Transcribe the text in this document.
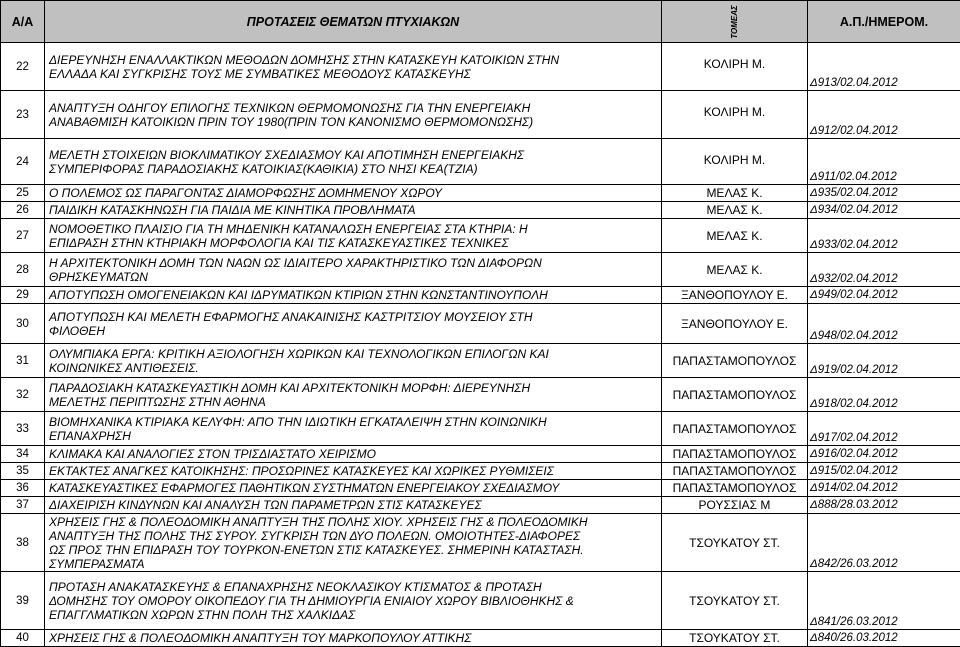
Α/Α	ΠΡΟΤΑΣΕΙΣ ΘΕΜΑΤΩΝ ΠΤΥΧΙΑΚΩΝ	ΤΟΜΕΑΣ	Α.Π./ΗΜΕΡΟΜ.
22	ΔΙΕΡΕΥΝΗΣΗ ΕΝΑΛΛΑΚΤΙΚΩΝ ΜΕΘΟΔΩΝ ΔΟΜΗΣΗΣ ΣΤΗΝ ΚΑΤΑΣΚΕΥΗ ΚΑΤΟΙΚΙΩΝ ΣΤΗΝ
ΕΛΛΑΔΑ ΚΑΙ ΣΥΓΚΡΙΣΗΣ ΤΟΥΣ ΜΕ ΣΥΜΒΑΤΙΚΕΣ ΜΕΘΟΔΟΥΣ ΚΑΤΑΣΚΕΥΗΣ	ΚΟΛΙΡΗ Μ.	Δ913/02.04.2012
23	ΑΝΑΠΤΥΞΗ ΟΔΗΓΟΥ ΕΠΙΛΟΓΗΣ ΤΕΧΝΙΚΩΝ ΘΕΡΜΟΜΟΝΩΣΗΣ ΓΙΑ ΤΗΝ ΕΝΕΡΓΕΙΑΚΗ
ΑΝΑΒΑΘΜΙΣΗ ΚΑΤΟΙΚΙΩΝ ΠΡΙΝ ΤΟΥ 1980(ΠΡΙΝ ΤΟΝ ΚΑΝΟΝΙΣΜΟ ΘΕΡΜΟΜΟΝΩΣΗΣ)	ΚΟΛΙΡΗ Μ.	Δ912/02.04.2012
24	ΜΕΛΕΤΗ ΣΤΟΙΧΕΙΩΝ ΒΙΟΚΛΙΜΑΤΙΚΟΥ ΣΧΕΔΙΑΣΜΟΥ ΚΑΙ ΑΠΟΤΙΜΗΣΗ ΕΝΕΡΓΕΙΑΚΗΣ
ΣΥΜΠΕΡΙΦΟΡΑΣ ΠΑΡΑΔΟΣΙΑΚΗΣ ΚΑΤΟΙΚΙΑΣ(ΚΑΘΙΚΙΑ) ΣΤΟ ΝΗΣΙ ΚΕΑ(ΤΖΙΑ)	ΚΟΛΙΡΗ Μ.	Δ911/02.04.2012
25	Ο ΠΟΛΕΜΟΣ ΩΣ ΠΑΡΑΓΟΝΤΑΣ ΔΙΑΜΟΡΦΩΣΗΣ ΔΟΜΗΜΕΝΟΥ ΧΩΡΟΥ	ΜΕΛΑΣ Κ.	Δ935/02.04.2012
26	ΠΑΙΔΙΚΗ ΚΑΤΑΣΚΗΝΩΣΗ ΓΙΑ ΠΑΙΔΙΑ ΜΕ ΚΙΝΗΤΙΚΑ ΠΡΟΒΛΗΜΑΤΑ	ΜΕΛΑΣ Κ.	Δ934/02.04.2012
27	ΝΟΜΟΘΕΤΙΚΟ ΠΛΑΙΣΙΟ ΓΙΑ ΤΗ ΜΗΔΕΝΙΚΗ ΚΑΤΑΝΑΛΩΣΗ ΕΝΕΡΓΕΙΑΣ ΣΤΑ ΚΤΗΡΙΑ: Η
ΕΠΙΔΡΑΣΗ ΣΤΗΝ ΚΤΗΡΙΑΚΗ ΜΟΡΦΟΛΟΓΙΑ ΚΑΙ ΤΙΣ ΚΑΤΑΣΚΕΥΑΣΤΙΚΕΣ ΤΕΧΝΙΚΕΣ	ΜΕΛΑΣ Κ.	Δ933/02.04.2012
28	Η ΑΡΧΙΤΕΚΤΟΝΙΚΗ ΔΟΜΗ ΤΩΝ ΝΑΩΝ ΩΣ ΙΔΙΑΙΤΕΡΟ ΧΑΡΑΚΤΗΡΙΣΤΙΚΟ ΤΩΝ ΔΙΑΦΟΡΩΝ
ΘΡΗΣΚΕΥΜΑΤΩΝ	ΜΕΛΑΣ Κ.	Δ932/02.04.2012
29	ΑΠΟΤΥΠΩΣΗ ΟΜΟΓΕΝΕΙΑΚΩΝ ΚΑΙ ΙΔΡΥΜΑΤΙΚΩΝ ΚΤΙΡΙΩΝ ΣΤΗΝ ΚΩΝΣΤΑΝΤΙΝΟΥΠΟΛΗ	ΞΑΝΘΟΠΟΥΛΟΥ Ε.	Δ949/02.04.2012
30	ΑΠΟΤΥΠΩΣΗ ΚΑΙ ΜΕΛΕΤΗ ΕΦΑΡΜΟΓΗΣ ΑΝΑΚΑΙΝΙΣΗΣ ΚΑΣΤΡΙΤΣΙΟΥ ΜΟΥΣΕΙΟΥ ΣΤΗ
ΦΙΛΟΘΕΗ	ΞΑΝΘΟΠΟΥΛΟΥ Ε.	Δ948/02.04.2012
31	ΟΛΥΜΠΙΑΚΑ ΕΡΓΑ: ΚΡΙΤΙΚΗ ΑΞΙΟΛΟΓΗΣΗ ΧΩΡΙΚΩΝ ΚΑΙ ΤΕΧΝΟΛΟΓΙΚΩΝ ΕΠΙΛΟΓΩΝ ΚΑΙ
ΚΟΙΝΩΝΙΚΕΣ ΑΝΤΙΘΕΣΕΙΣ.	ΠΑΠΑΣΤΑΜΟΠΟΥΛΟΣ	Δ919/02.04.2012
32	ΠΑΡΑΔΟΣΙΑΚΗ ΚΑΤΑΣΚΕΥΑΣΤΙΚΗ ΔΟΜΗ ΚΑΙ ΑΡΧΙΤΕΚΤΟΝΙΚΗ ΜΟΡΦΗ: ΔΙΕΡΕΥΝΗΣΗ
ΜΕΛΕΤΗΣ ΠΕΡΙΠΤΩΣΗΣ ΣΤΗΝ ΑΘΗΝΑ	ΠΑΠΑΣΤΑΜΟΠΟΥΛΟΣ	Δ918/02.04.2012
33	ΒΙΟΜΗΧΑΝΙΚΑ ΚΤΙΡΙΑΚΑ ΚΕΛΥΦΗ: ΑΠΟ ΤΗΝ ΙΔΙΩΤΙΚΗ ΕΓΚΑΤΑΛΕΙΨΗ ΣΤΗΝ ΚΟΙΝΩΝΙΚΗ
ΕΠΑΝΑΧΡΗΣΗ	ΠΑΠΑΣΤΑΜΟΠΟΥΛΟΣ	Δ917/02.04.2012
34	ΚΛΙΜΑΚΑ ΚΑΙ ΑΝΑΛΟΓΙΕΣ ΣΤΟΝ ΤΡΙΣΔΙΑΣΤΑΤΟ ΧΕΙΡΙΣΜΟ	ΠΑΠΑΣΤΑΜΟΠΟΥΛΟΣ	Δ916/02.04.2012
35	ΕΚΤΑΚΤΕΣ ΑΝΑΓΚΕΣ ΚΑΤΟΙΚΗΣΗΣ: ΠΡΟΣΩΡΙΝΕΣ ΚΑΤΑΣΚΕΥΕΣ ΚΑΙ ΧΩΡΙΚΕΣ ΡΥΘΜΙΣΕΙΣ	ΠΑΠΑΣΤΑΜΟΠΟΥΛΟΣ	Δ915/02.04.2012
36	ΚΑΤΑΣΚΕΥΑΣΤΙΚΕΣ ΕΦΑΡΜΟΓΕΣ ΠΑΘΗΤΙΚΩΝ ΣΥΣΤΗΜΑΤΩΝ ΕΝΕΡΓΕΙΑΚΟΥ ΣΧΕΔΙΑΣΜΟΥ	ΠΑΠΑΣΤΑΜΟΠΟΥΛΟΣ	Δ914/02.04.2012
37	ΔΙΑΧΕΙΡΙΣΗ ΚΙΝΔΥΝΩΝ ΚΑΙ ΑΝΑΛΥΣΗ ΤΩΝ ΠΑΡΑΜΕΤΡΩΝ ΣΤΙΣ ΚΑΤΑΣΚΕΥΕΣ	ΡΟΥΣΣΙΑΣ Μ	Δ888/28.03.2012
38	ΧΡΗΣΕΙΣ ΓΗΣ & ΠΟΛΕΟΔΟΜΙΚΗ ΑΝΑΠΤΥΞΗ ΤΗΣ ΠΟΛΗΣ ΧΙΟΥ. ΧΡΗΣΕΙΣ ΓΗΣ & ΠΟΛΕΟΔΟΜΙΚΗ
ΑΝΑΠΤΥΞΗ ΤΗΣ ΠΟΛΗΣ ΤΗΣ ΣΥΡΟΥ. ΣΥΓΚΡΙΣΗ ΤΩΝ ΔΥΟ ΠΟΛΕΩΝ. ΟΜΟΙΟΤΗΤΕΣ-ΔΙΑΦΟΡΕΣ
ΩΣ ΠΡΟΣ ΤΗΝ ΕΠΙΔΡΑΣΗ ΤΟΥ ΤΟΥΡΚΟΝ-ΕΝΕΤΩΝ ΣΤΙΣ ΚΑΤΑΣΚΕΥΕΣ. ΣΗΜΕΡΙΝΗ ΚΑΤΑΣΤΑΣΗ.
ΣΥΜΠΕΡΑΣΜΑΤΑ	ΤΣΟΥΚΑΤΟΥ ΣΤ.	Δ842/26.03.2012
39	ΠΡΟΤΑΣΗ ΑΝΑΚΑΤΑΣΚΕΥΗΣ & ΕΠΑΝΑΧΡΗΣΗΣ ΝΕΟΚΛΑΣΙΚΟΥ ΚΤΙΣΜΑΤΟΣ & ΠΡΟΤΑΣΗ
ΔΟΜΗΣΗΣ ΤΟΥ ΟΜΟΡΟΥ ΟΙΚΟΠΕΔΟΥ ΓΙΑ ΤΗ ΔΗΜΙΟΥΡΓΙΑ ΕΝΙΑΙΟΥ ΧΩΡΟΥ ΒΙΒΛΙΟΘΗΚΗΣ &
ΕΠΑΓΓΛΜΑΤΙΚΩΝ ΧΩΡΩΝ ΣΤΗΝ ΠΟΛΗ ΤΗΣ ΧΑΛΚΙΔΑΣ	ΤΣΟΥΚΑΤΟΥ ΣΤ.	Δ841/26.03.2012
40	ΧΡΗΣΕΙΣ ΓΗΣ & ΠΟΛΕΟΔΟΜΙΚΗ ΑΝΑΠΤΥΞΗ ΤΟΥ ΜΑΡΚΟΠΟΥΛΟΥ ΑΤΤΙΚΗΣ	ΤΣΟΥΚΑΤΟΥ ΣΤ.	Δ840/26.03.2012
